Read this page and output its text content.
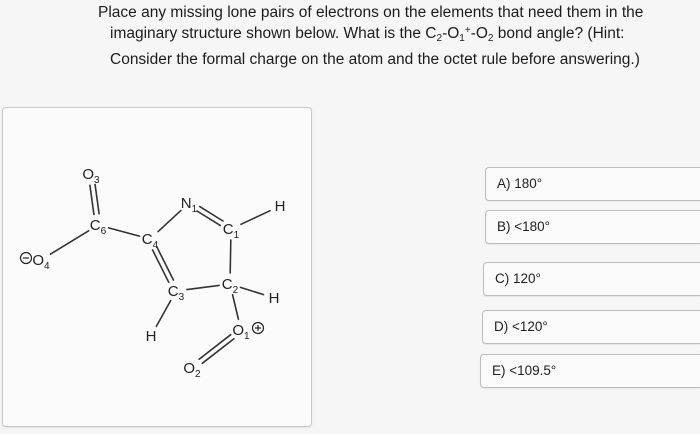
Place any missing lone pairs of electrons on the elements that need them in the
imaginary structure shown below. What is the $C_2-O_1^+-O_2$ bond angle? (Hint:
Consider the formal charge on the atom and the octet rule before answering.)
$O_3$
$C_6$
$O_4$
$C_4$
$N_1$
$C_1$
H
$C_3$
$C_2$ H
H	$O_1$
$O_2$
A) 180°
B) <180°
C) 120°
D) <120°
E) <109.5°
